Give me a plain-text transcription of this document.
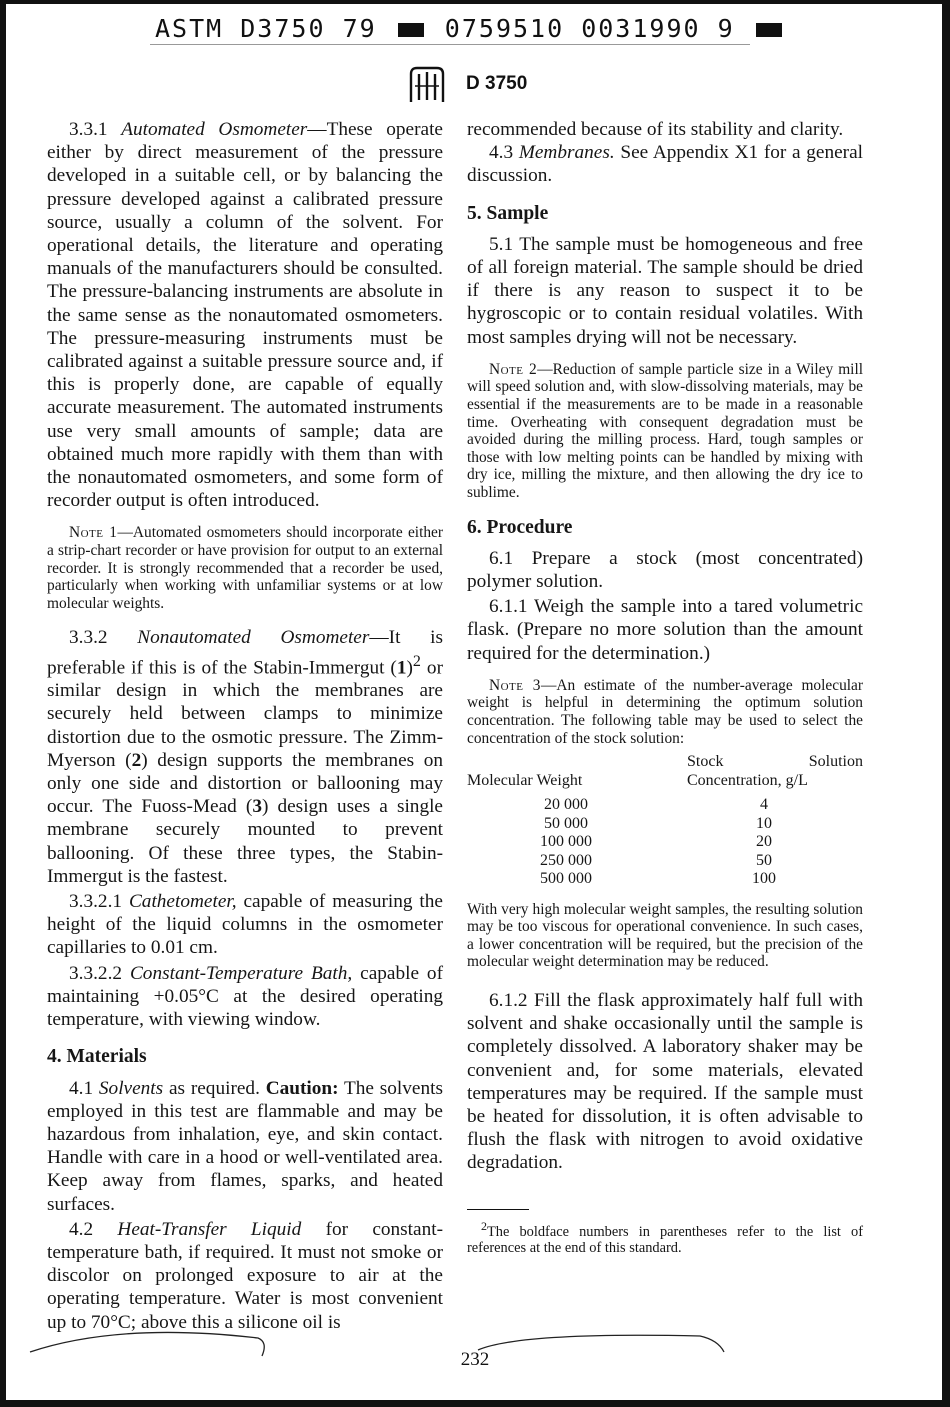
ASTM D3750 79	0759510 0031990 9
D 3750

3.3.1 Automated Osmometer—These operate either by direct measurement of the pressure developed in a suitable cell, or by balancing the pressure developed against a calibrated pressure source, usually a column of the solvent. For operational details, the literature and operating manuals of the manufacturers should be consulted. The pressure-balancing instruments are absolute in the same sense as the nonautomated osmometers. The pressure-measuring instruments must be calibrated against a suitable pressure source and, if this is properly done, are capable of equally accurate measurement. The automated instruments use very small amounts of sample; data are obtained much more rapidly with them than with the nonautomated osmometers, and some form of recorder output is often introduced.

Note 1—Automated osmometers should incorporate either a strip-chart recorder or have provision for output to an external recorder. It is strongly recommended that a recorder be used, particularly when working with unfamiliar systems or at low molecular weights.

3.3.2 Nonautomated Osmometer—It is preferable if this is of the Stabin-Immergut $(1)^2$ or similar design in which the membranes are securely held between clamps to minimize distortion due to the osmotic pressure. The Zimm-Myerson (2) design supports the membranes on only one side and distortion or ballooning may occur. The Fuoss-Mead (3) design uses a single membrane securely mounted to prevent ballooning. Of these three types, the Stabin-Immergut is the fastest.

3.3.2.1 Cathetometer, capable of measuring the height of the liquid columns in the osmometer capillaries to 0.01 cm.

3.3.2.2 Constant-Temperature Bath, capable of maintaining +0.05°C at the desired operating temperature, with viewing window.

4. Materials

4.1 Solvents as required. Caution: The solvents employed in this test are flammable and may be hazardous from inhalation, eye, and skin contact. Handle with care in a hood or well-ventilated area. Keep away from flames, sparks, and heated surfaces.

4.2 Heat-Transfer Liquid for constant-temperature bath, if required. It must not smoke or discolor on prolonged exposure to air at the operating temperature. Water is most convenient up to 70°C; above this a silicone oil is

recommended because of its stability and clarity.

4.3 Membranes. See Appendix X1 for a general discussion.

5. Sample

5.1 The sample must be homogeneous and free of all foreign material. The sample should be dried if there is any reason to suspect it to be hygroscopic or to contain residual volatiles. With most samples drying will not be necessary.

Note 2—Reduction of sample particle size in a Wiley mill will speed solution and, with slow-dissolving materials, may be essential if the measurements are to be made in a reasonable time. Overheating with consequent degradation must be avoided during the milling process. Hard, tough samples or those with low melting points can be handled by mixing with dry ice, milling the mixture, and then allowing the dry ice to sublime.

6. Procedure

6.1 Prepare a stock (most concentrated) polymer solution.

6.1.1 Weigh the sample into a tared volumetric flask. (Prepare no more solution than the amount required for the determination.)

Note 3—An estimate of the number-average molecular weight is helpful in determining the optimum solution concentration. The following table may be used to select the concentration of the stock solution:

Molecular Weight	Stock Solution Concentration, g/L
20 000	4
50 000	10
100 000	20
250 000	50
500 000	100

With very high molecular weight samples, the resulting solution may be too viscous for operational convenience. In such cases, a lower concentration will be required, but the precision of the molecular weight determination may be reduced.

6.1.2 Fill the flask approximately half full with solvent and shake occasionally until the sample is completely dissolved. A laboratory shaker may be convenient and, for some materials, elevated temperatures may be required. If the sample must be heated for dissolution, it is often advisable to flush the flask with nitrogen to avoid oxidative degradation.

$^2$The boldface numbers in parentheses refer to the list of references at the end of this standard.

232
